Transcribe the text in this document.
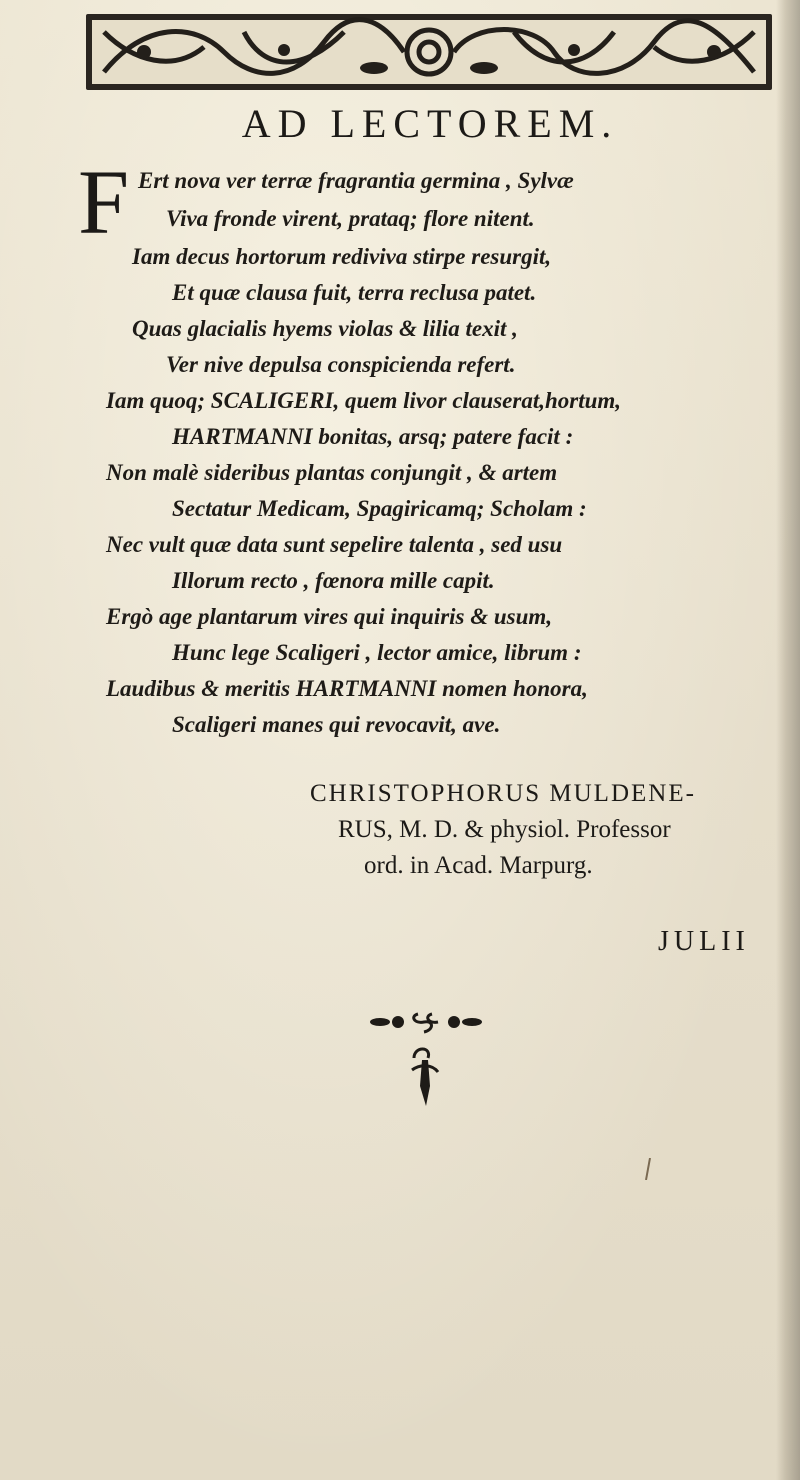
AD LECTOREM.
F Ert nova ver terræ fragrantia germina , Sylvæ
Viva fronde virent, prataq; flore nitent.
Iam decus hortorum rediviva stirpe resurgit,
Et quæ clausa fuit, terra reclusa patet.
Quas glacialis hyems violas & lilia texit ,
Ver nive depulsa conspicienda refert.
Iam quoq; SCALIGERI, quem livor clauserat,hortum,
HARTMANNI bonitas, arsq; patere facit :
Non malè sideribus plantas conjungit , & artem
Sectatur Medicam, Spagiricamq; Scholam :
Nec vult quæ data sunt sepelire talenta , sed usu
Illorum recto , fœnora mille capit.
Ergò age plantarum vires qui inquiris & usum,
Hunc lege Scaligeri , lector amice, librum :
Laudibus & meritis HARTMANNI nomen honora,
Scaligeri manes qui revocavit, ave.
CHRISTOPHORUS MULDENE-
RUS, M. D. & physiol. Professor
ord. in Acad. Marpurg.
JULII
